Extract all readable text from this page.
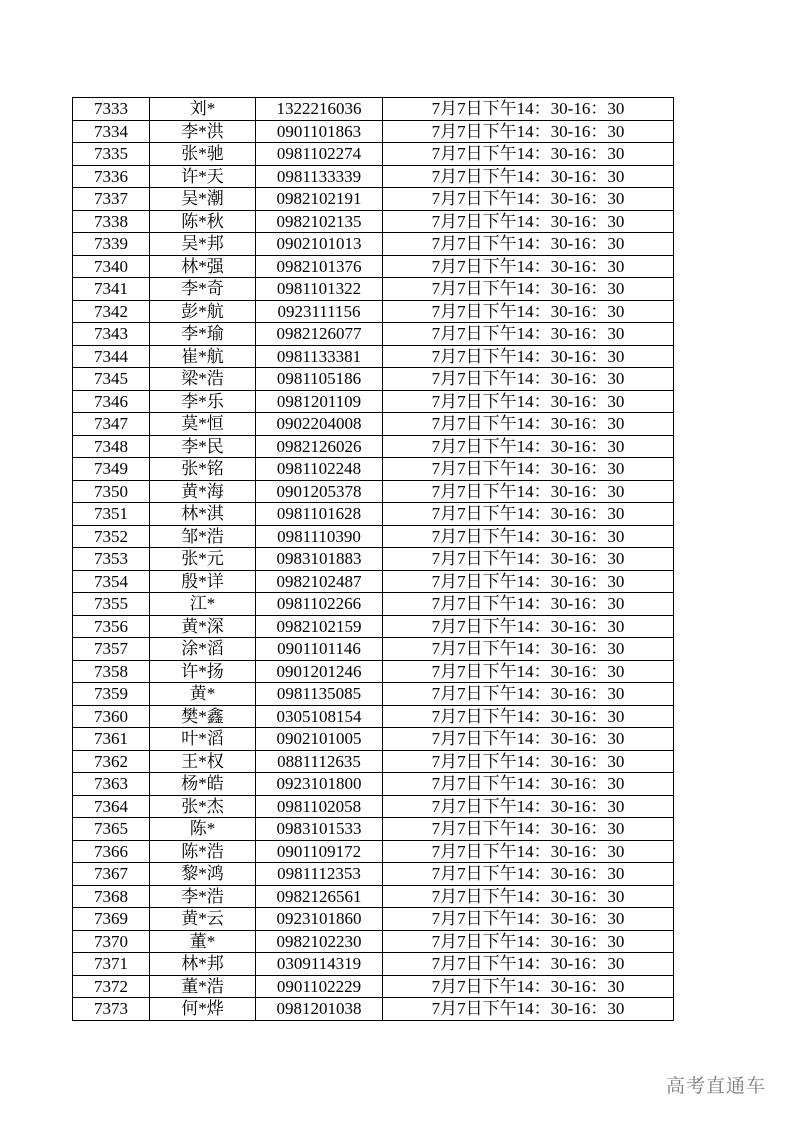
7333	刘*	1322216036	7月7日下午14：30-16：30
7334	李*洪	0901101863	7月7日下午14：30-16：30
7335	张*驰	0981102274	7月7日下午14：30-16：30
7336	许*天	0981133339	7月7日下午14：30-16：30
7337	吴*潮	0982102191	7月7日下午14：30-16：30
7338	陈*秋	0982102135	7月7日下午14：30-16：30
7339	吴*邦	0902101013	7月7日下午14：30-16：30
7340	林*强	0982101376	7月7日下午14：30-16：30
7341	李*奇	0981101322	7月7日下午14：30-16：30
7342	彭*航	0923111156	7月7日下午14：30-16：30
7343	李*瑜	0982126077	7月7日下午14：30-16：30
7344	崔*航	0981133381	7月7日下午14：30-16：30
7345	梁*浩	0981105186	7月7日下午14：30-16：30
7346	李*乐	0981201109	7月7日下午14：30-16：30
7347	莫*恒	0902204008	7月7日下午14：30-16：30
7348	李*民	0982126026	7月7日下午14：30-16：30
7349	张*铭	0981102248	7月7日下午14：30-16：30
7350	黄*海	0901205378	7月7日下午14：30-16：30
7351	林*淇	0981101628	7月7日下午14：30-16：30
7352	邹*浩	0981110390	7月7日下午14：30-16：30
7353	张*元	0983101883	7月7日下午14：30-16：30
7354	殷*详	0982102487	7月7日下午14：30-16：30
7355	江*	0981102266	7月7日下午14：30-16：30
7356	黄*深	0982102159	7月7日下午14：30-16：30
7357	涂*滔	0901101146	7月7日下午14：30-16：30
7358	许*扬	0901201246	7月7日下午14：30-16：30
7359	黄*	0981135085	7月7日下午14：30-16：30
7360	樊*鑫	0305108154	7月7日下午14：30-16：30
7361	叶*滔	0902101005	7月7日下午14：30-16：30
7362	王*权	0881112635	7月7日下午14：30-16：30
7363	杨*皓	0923101800	7月7日下午14：30-16：30
7364	张*杰	0981102058	7月7日下午14：30-16：30
7365	陈*	0983101533	7月7日下午14：30-16：30
7366	陈*浩	0901109172	7月7日下午14：30-16：30
7367	黎*鸿	0981112353	7月7日下午14：30-16：30
7368	李*浩	0982126561	7月7日下午14：30-16：30
7369	黄*云	0923101860	7月7日下午14：30-16：30
7370	董*	0982102230	7月7日下午14：30-16：30
7371	林*邦	0309114319	7月7日下午14：30-16：30
7372	董*浩	0901102229	7月7日下午14：30-16：30
7373	何*烨	0981201038	7月7日下午14：30-16：30
高考直通车
